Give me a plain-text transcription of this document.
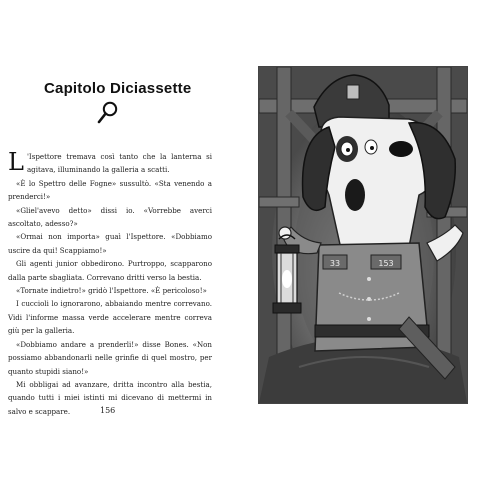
Capitolo Diciassette

L 'Ispettore tremava così tanto che la lanterna si agitava, illuminando la galleria a scatti.

«È lo Spettro delle Fogne» sussultò. «Sta venendo a prenderci!»

«Gliel'avevo detto» dissi io. «Vorrebbe averci ascoltato, adesso?»

«Ormai non importa» guaì l'Ispettore. «Dobbiamo uscire da qui! Scappiamo!»

Gli agenti junior obbedirono. Purtroppo, scapparono dalla parte sbagliata. Correvano dritti verso la bestia.

«Tornate indietro!» gridò l'Ispettore. «È pericoloso!»

I cuccioli lo ignorarono, abbaiando mentre correvano. Vidi l'informe massa verde accelerare mentre correva giù per la galleria.

«Dobbiamo andare a prenderli!» disse Bones. «Non possiamo abbandonarli nelle grinfie di quel mostro, per quanto stupidi siano!»

Mi obbligai ad avanzare, dritta incontro alla bestia, quando tutti i miei istinti mi dicevano di mettermi in salvo e scappare.	156
33	153
